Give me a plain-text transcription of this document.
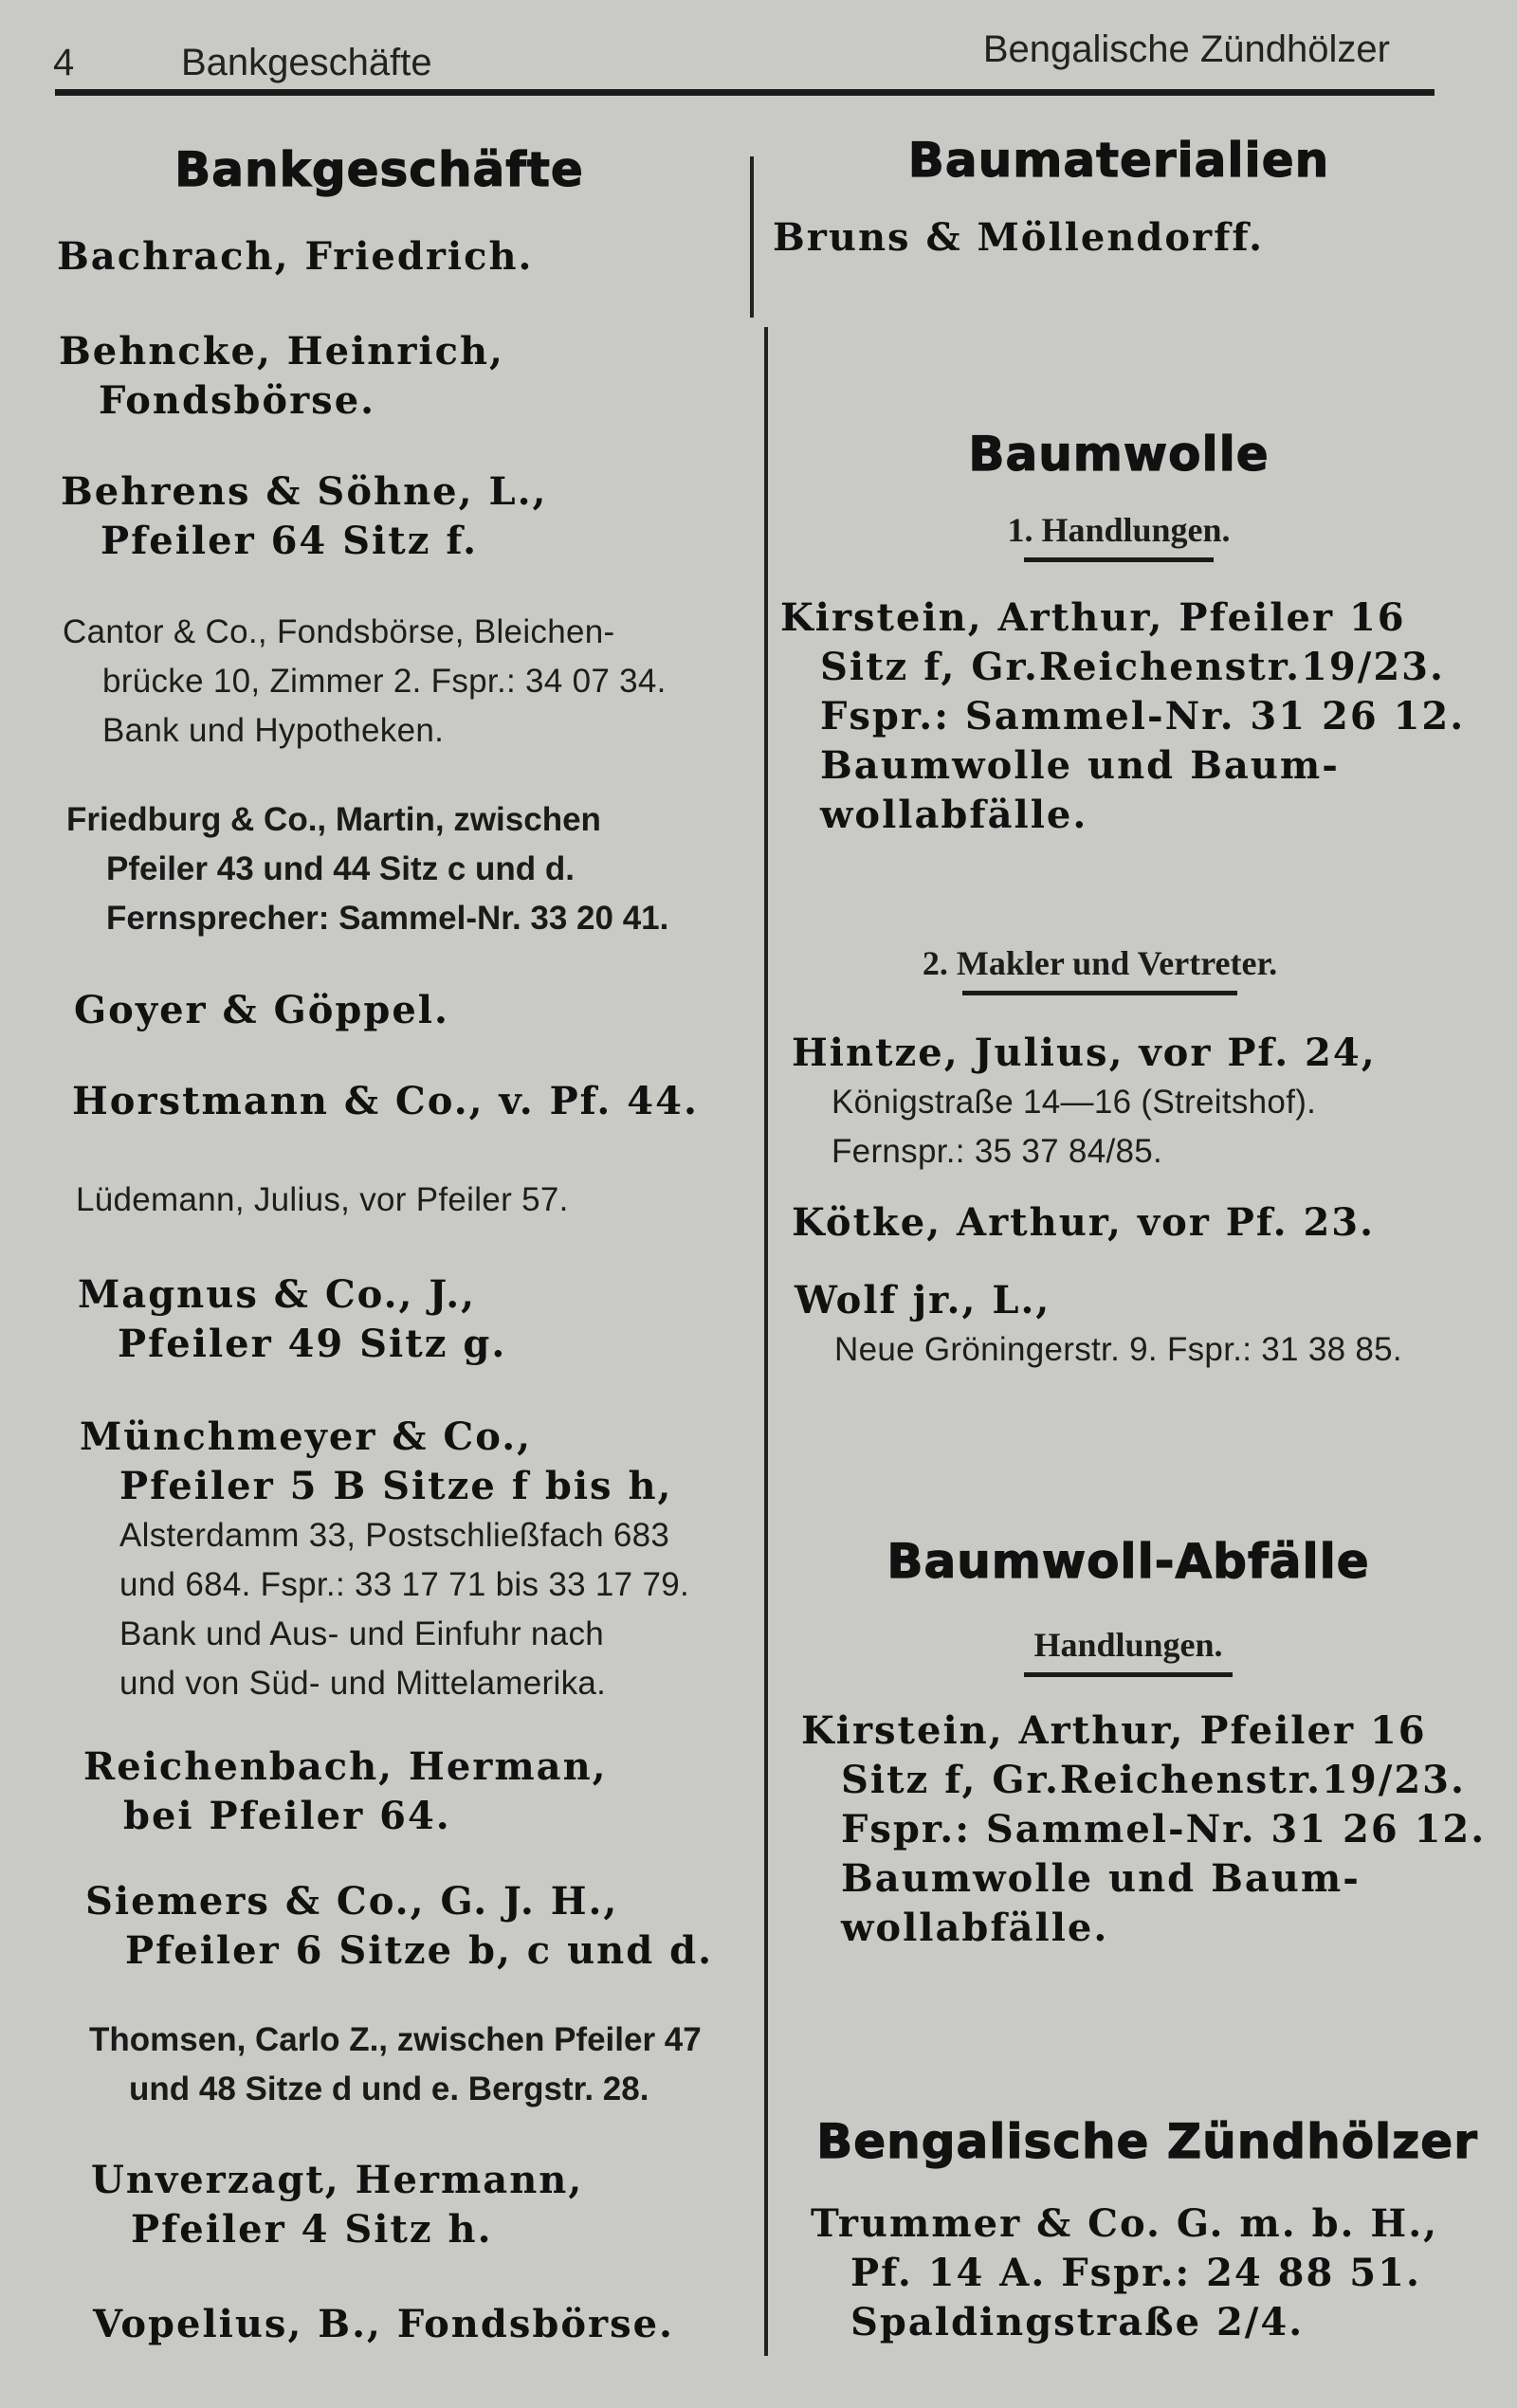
4	Bankgeschäfte	Bengalische Zündhölzer
Bankgeschäfte
Bachrach, Friedrich.
Behncke, Heinrich,
Fondsbörse.
Behrens & Söhne, L.,
Pfeiler 64 Sitz f.
Cantor & Co., Fondsbörse, Bleichen-
brücke 10, Zimmer 2. Fspr.: 34 07 34.
Bank und Hypotheken.
Friedburg & Co., Martin, zwischen
Pfeiler 43 und 44 Sitz c und d.
Fernsprecher: Sammel-Nr. 33 20 41.
Goyer & Göppel.
Horstmann & Co., v. Pf. 44.
Lüdemann, Julius, vor Pfeiler 57.
Magnus & Co., J.,
Pfeiler 49 Sitz g.
Münchmeyer & Co.,
Pfeiler 5 B Sitze f bis h,
Alsterdamm 33, Postschließfach 683
und 684. Fspr.: 33 17 71 bis 33 17 79.
Bank und Aus- und Einfuhr nach
und von Süd- und Mittelamerika.
Reichenbach, Herman,
bei Pfeiler 64.
Siemers & Co., G. J. H.,
Pfeiler 6 Sitze b, c und d.
Thomsen, Carlo Z., zwischen Pfeiler 47
und 48 Sitze d und e. Bergstr. 28.
Unverzagt, Hermann,
Pfeiler 4 Sitz h.
Vopelius, B., Fondsbörse.
Baumaterialien
Bruns & Möllendorff.
Baumwolle
1. Handlungen.
Kirstein, Arthur, Pfeiler 16
Sitz f, Gr.Reichenstr.19/23.
Fspr.: Sammel-Nr. 31 26 12.
Baumwolle und Baum-
wollabfälle.
2. Makler und Vertreter.
Hintze, Julius, vor Pf. 24,
Königstraße 14—16 (Streitshof).
Fernspr.: 35 37 84/85.
Kötke, Arthur, vor Pf. 23.
Wolf jr., L.,
Neue Gröningerstr. 9. Fspr.: 31 38 85.
Baumwoll-Abfälle
Handlungen.
Kirstein, Arthur, Pfeiler 16
Sitz f, Gr.Reichenstr.19/23.
Fspr.: Sammel-Nr. 31 26 12.
Baumwolle und Baum-
wollabfälle.
Bengalische Zündhölzer
Trummer & Co. G. m. b. H.,
Pf. 14 A. Fspr.: 24 88 51.
Spaldingstraße 2/4.
